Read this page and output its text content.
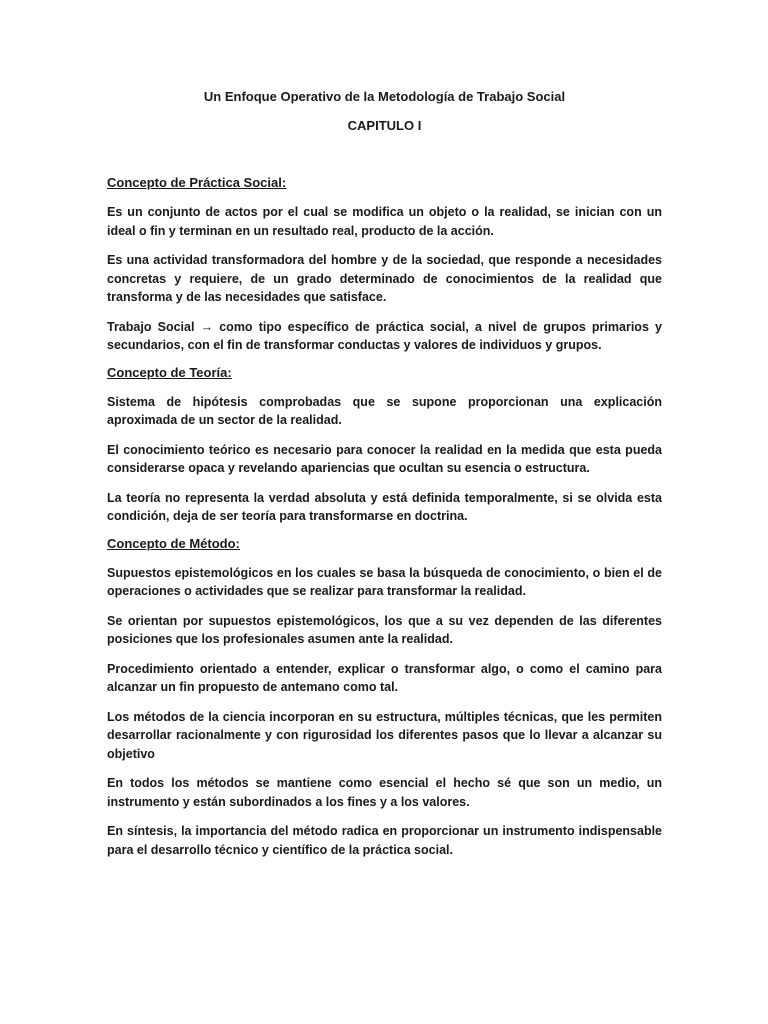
Un Enfoque Operativo de la Metodología de Trabajo Social
CAPITULO I
Concepto de Práctica Social:

Es un conjunto de actos por el cual se modifica un objeto o la realidad, se inician con un ideal o fin y terminan en un resultado real, producto de la acción.

Es una actividad transformadora del hombre y de la sociedad, que responde a necesidades concretas y requiere, de un grado determinado de conocimientos de la realidad que transforma y de las necesidades que satisface.

Trabajo Social → como tipo específico de práctica social, a nivel de grupos primarios y secundarios, con el fin de transformar conductas y valores de individuos y grupos.

Concepto de Teoría:

Sistema de hipótesis comprobadas que se supone proporcionan una explicación aproximada de un sector de la realidad.

El conocimiento teórico es necesario para conocer la realidad en la medida que esta pueda considerarse opaca y revelando apariencias que ocultan su esencia o estructura.

La teoría no representa la verdad absoluta y está definida temporalmente, si se olvida esta condición, deja de ser teoría para transformarse en doctrina.

Concepto de Método:

Supuestos epistemológicos en los cuales se basa la búsqueda de conocimiento, o bien el de operaciones o actividades que se realizar para transformar la realidad.

Se orientan por supuestos epistemológicos, los que a su vez dependen de las diferentes posiciones que los profesionales asumen ante la realidad.

Procedimiento orientado a entender, explicar o transformar algo, o como el camino para alcanzar un fin propuesto de antemano como tal.

Los métodos de la ciencia incorporan en su estructura, múltiples técnicas, que les permiten desarrollar racionalmente y con rigurosidad los diferentes pasos que lo llevar a alcanzar su objetivo

En todos los métodos se mantiene como esencial el hecho sé que son un medio, un instrumento y están subordinados a los fines y a los valores.

En síntesis, la importancia del método radica en proporcionar un instrumento indispensable para el desarrollo técnico y científico de la práctica social.
